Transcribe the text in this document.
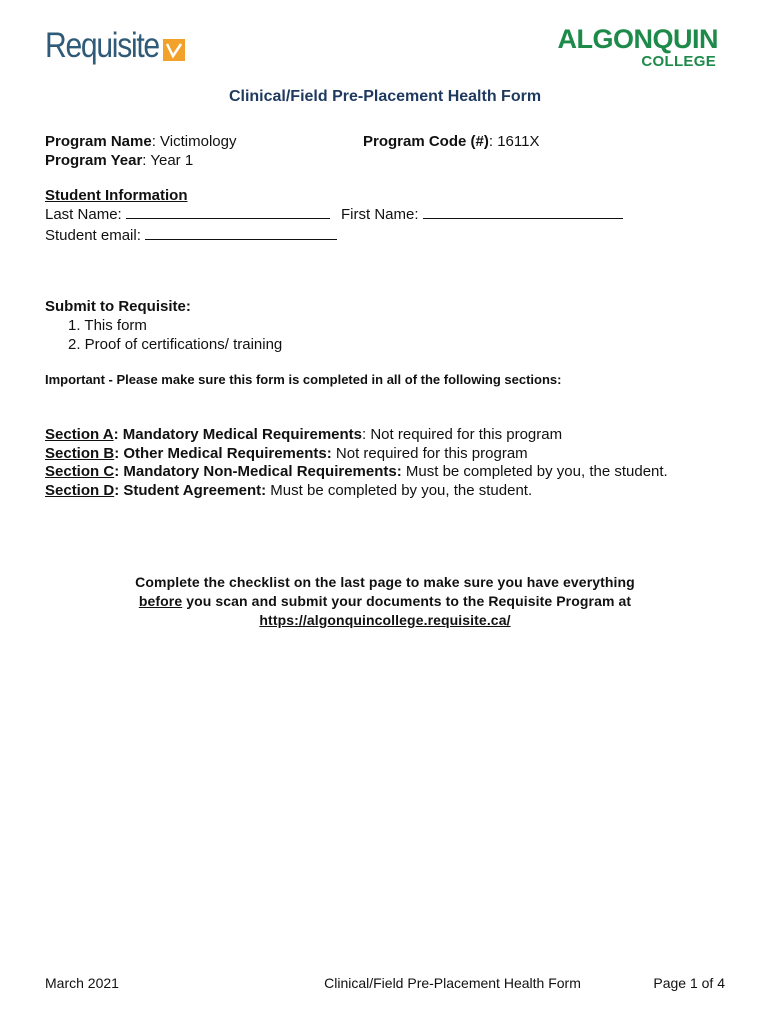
Requisite	ALGONQUIN
COLLEGE
Clinical/Field Pre-Placement Health Form
Program Name: Victimology	Program Code (#): 1611X
Program Year: Year 1
Student Information
Last Name:	First Name:
Student email:
Submit to Requisite:
1. This form
2. Proof of certifications/ training
Important - Please make sure this form is completed in all of the following sections:
Section A: Mandatory Medical Requirements: Not required for this program
Section B: Other Medical Requirements: Not required for this program
Section C: Mandatory Non-Medical Requirements: Must be completed by you, the student.
Section D: Student Agreement: Must be completed by you, the student.
Complete the checklist on the last page to make sure you have everything
before you scan and submit your documents to the Requisite Program at
https://algonquincollege.requisite.ca/
March 2021	Clinical/Field Pre-Placement Health Form	Page 1 of 4
